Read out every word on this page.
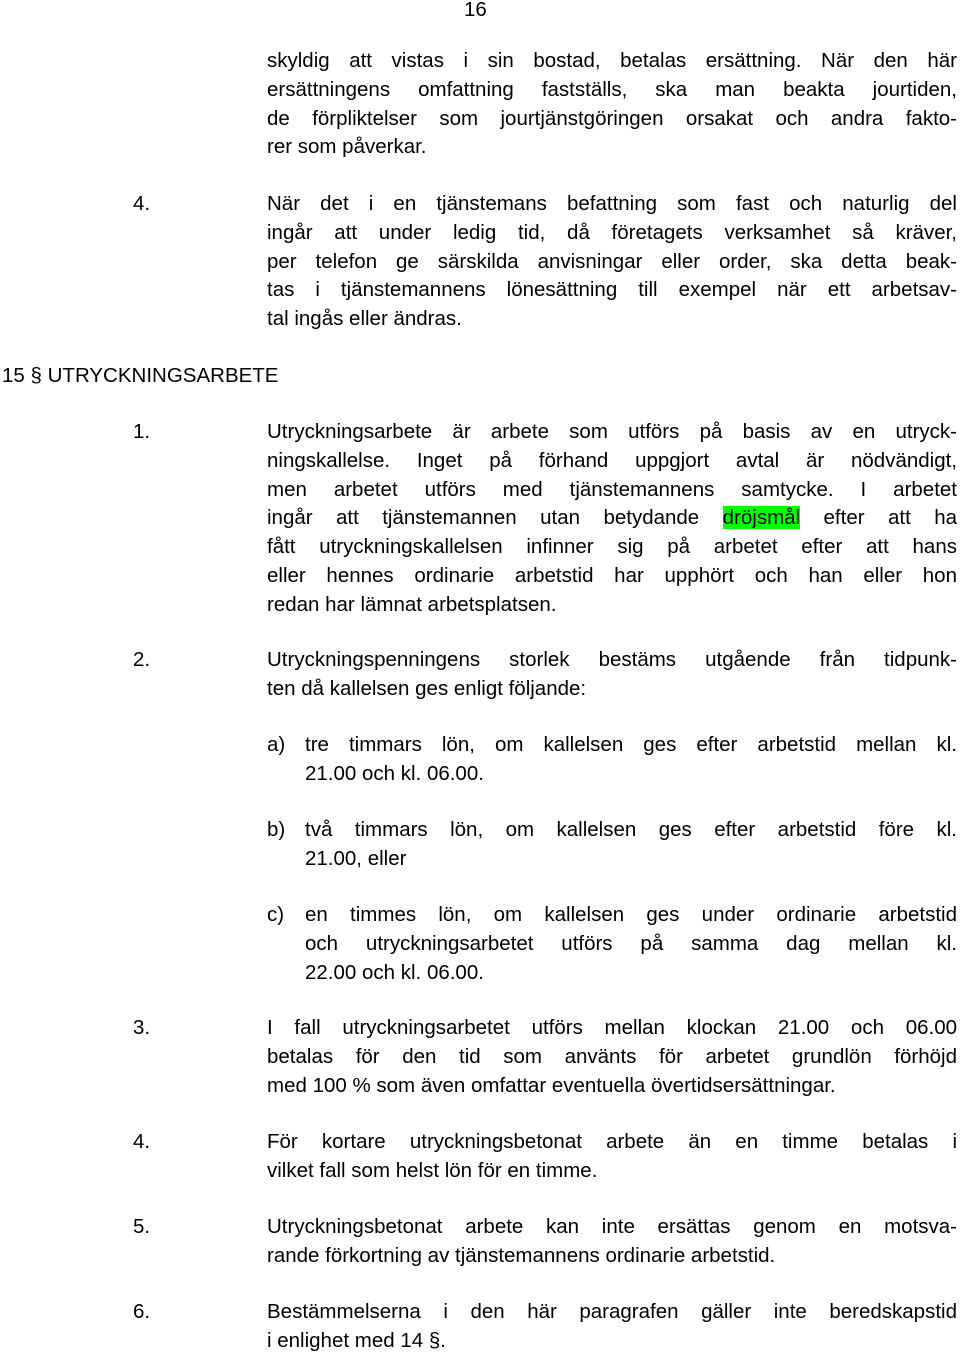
16
skyldig att vistas i sin bostad, betalas ersättning. När den här
ersättningens omfattning fastställs, ska man beakta jourtiden,
de förpliktelser som jourtjänstgöringen orsakat och andra fakto-
rer som påverkar.
4.	När det i en tjänstemans befattning som fast och naturlig del
ingår att under ledig tid, då företagets verksamhet så kräver,
per telefon ge särskilda anvisningar eller order, ska detta beak-
tas i tjänstemannens lönesättning till exempel när ett arbetsav-
tal ingås eller ändras.
15 § UTRYCKNINGSARBETE
1.	Utryckningsarbete är arbete som utförs på basis av en utryck-
ningskallelse. Inget på förhand uppgjort avtal är nödvändigt,
men arbetet utförs med tjänstemannens samtycke. I arbetet
ingår att tjänstemannen utan betydande dröjsmål efter att ha
fått utryckningskallelsen infinner sig på arbetet efter att hans
eller hennes ordinarie arbetstid har upphört och han eller hon
redan har lämnat arbetsplatsen.
2.	Utryckningspenningens storlek bestäms utgående från tidpunk-
ten då kallelsen ges enligt följande:
a) tre timmars lön, om kallelsen ges efter arbetstid mellan kl.
21.00 och kl. 06.00.
b) två timmars lön, om kallelsen ges efter arbetstid före kl.
21.00, eller
c) en timmes lön, om kallelsen ges under ordinarie arbetstid
och utryckningsarbetet utförs på samma dag mellan kl.
22.00 och kl. 06.00.
3.	I fall utryckningsarbetet utförs mellan klockan 21.00 och 06.00
betalas för den tid som använts för arbetet grundlön förhöjd
med 100 % som även omfattar eventuella övertidsersättningar.
4.	För kortare utryckningsbetonat arbete än en timme betalas i
vilket fall som helst lön för en timme.
5.	Utryckningsbetonat arbete kan inte ersättas genom en motsva-
rande förkortning av tjänstemannens ordinarie arbetstid.
6.	Bestämmelserna i den här paragrafen gäller inte beredskapstid
i enlighet med 14 §.
